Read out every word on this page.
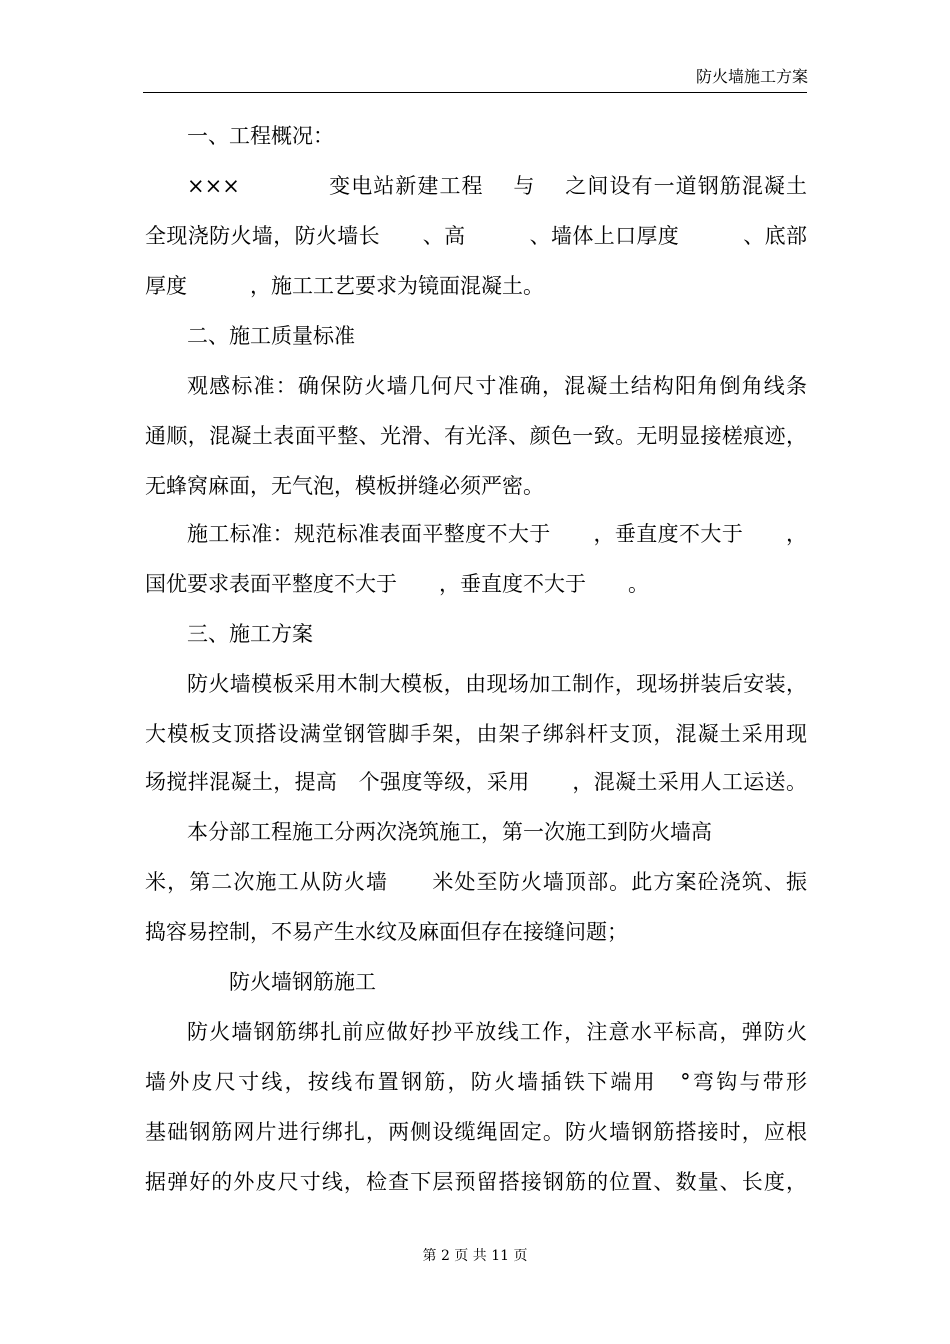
防火墙施工方案
一、工程概况：
×××　　　　变电站新建工程　 与　 之间设有一道钢筋混凝土
全现浇防火墙，防火墙长　　、高　　　、墙体上口厚度　　　、底部
厚度　　　，施工工艺要求为镜面混凝土。
二、施工质量标准
观感标准：确保防火墙几何尺寸准确，混凝土结构阳角倒角线条
通顺，混凝土表面平整、光滑、有光泽、颜色一致。无明显接槎痕迹，
无蜂窝麻面，无气泡，模板拼缝必须严密。
施工标准：规范标准表面平整度不大于　　，垂直度不大于　　，
国优要求表面平整度不大于　　，垂直度不大于　　。
三、施工方案
防火墙模板采用木制大模板，由现场加工制作，现场拼装后安装，
大模板支顶搭设满堂钢管脚手架，由架子绑斜杆支顶，混凝土采用现
场搅拌混凝土，提高　个强度等级，采用　　，混凝土采用人工运送。
本分部工程施工分两次浇筑施工，第一次施工到防火墙高
米，第二次施工从防火墙　　米处至防火墙顶部。此方案砼浇筑、振
捣容易控制，不易产生水纹及麻面但存在接缝问题；
防火墙钢筋施工
防火墙钢筋绑扎前应做好抄平放线工作，注意水平标高，弹防火
墙外皮尺寸线，按线布置钢筋，防火墙插铁下端用　°弯钩与带形
基础钢筋网片进行绑扎，两侧设缆绳固定。防火墙钢筋搭接时，应根
据弹好的外皮尺寸线，检查下层预留搭接钢筋的位置、数量、长度，
第 2 页 共 11 页
